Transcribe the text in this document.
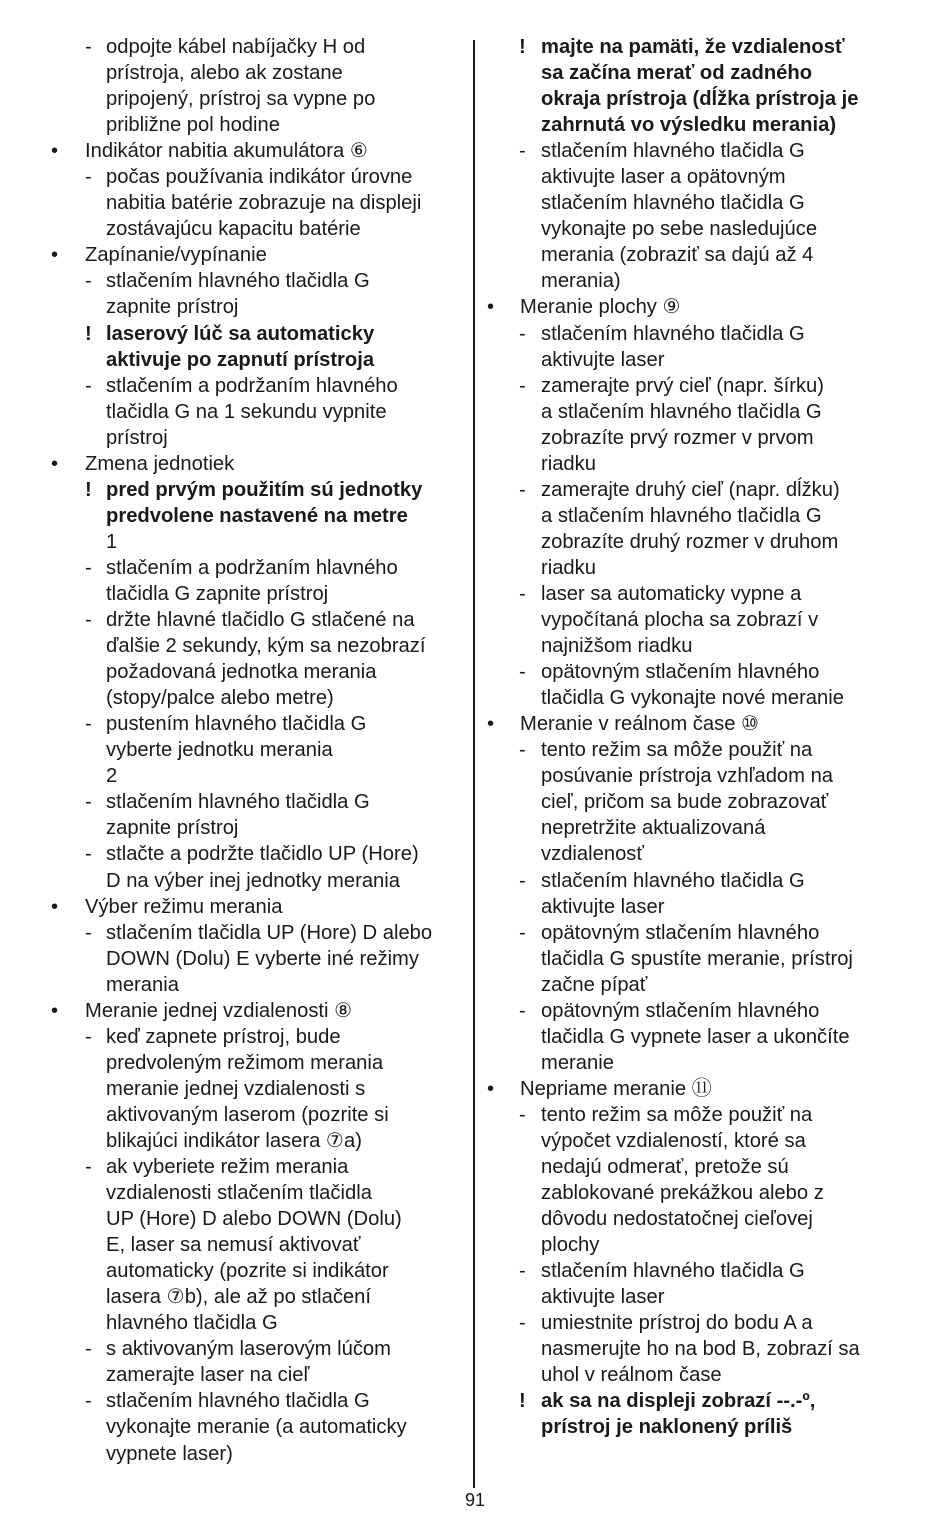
- odpojte kábel nabíjačky H od
prístroja, alebo ak zostane
pripojený, prístroj sa vypne po
približne pol hodine
• Indikátor nabitia akumulátora ⑥
- počas používania indikátor úrovne
nabitia batérie zobrazuje na displeji
zostávajúcu kapacitu batérie
• Zapínanie/vypínanie
- stlačením hlavného tlačidla G
zapnite prístroj
! laserový lúč sa automaticky
aktivuje po zapnutí prístroja
- stlačením a podržaním hlavného
tlačidla G na 1 sekundu vypnite
prístroj
• Zmena jednotiek
! pred prvým použitím sú jednotky
predvolene nastavené na metre
1
- stlačením a podržaním hlavného
tlačidla G zapnite prístroj
- držte hlavné tlačidlo G stlačené na
ďalšie 2 sekundy, kým sa nezobrazí
požadovaná jednotka merania
(stopy/palce alebo metre)
- pustením hlavného tlačidla G
vyberte jednotku merania
2
- stlačením hlavného tlačidla G
zapnite prístroj
- stlačte a podržte tlačidlo UP (Hore)
D na výber inej jednotky merania
• Výber režimu merania
- stlačením tlačidla UP (Hore) D alebo
DOWN (Dolu) E vyberte iné režimy
merania
• Meranie jednej vzdialenosti ⑧
- keď zapnete prístroj, bude
predvoleným režimom merania
meranie jednej vzdialenosti s
aktivovaným laserom (pozrite si
blikajúci indikátor lasera ⑦a)
- ak vyberiete režim merania
vzdialenosti stlačením tlačidla
UP (Hore) D alebo DOWN (Dolu)
E, laser sa nemusí aktivovať
automaticky (pozrite si indikátor
lasera ⑦b), ale až po stlačení
hlavného tlačidla G
- s aktivovaným laserovým lúčom
zamerajte laser na cieľ
- stlačením hlavného tlačidla G
vykonajte meranie (a automaticky
vypnete laser)
! majte na pamäti, že vzdialenosť
sa začína merať od zadného
okraja prístroja (dĺžka prístroja je
zahrnutá vo výsledku merania)
- stlačením hlavného tlačidla G
aktivujte laser a opätovným
stlačením hlavného tlačidla G
vykonajte po sebe nasledujúce
merania (zobraziť sa dajú až 4
merania)
• Meranie plochy ⑨
- stlačením hlavného tlačidla G
aktivujte laser
- zamerajte prvý cieľ (napr. šírku)
a stlačením hlavného tlačidla G
zobrazíte prvý rozmer v prvom
riadku
- zamerajte druhý cieľ (napr. dĺžku)
a stlačením hlavného tlačidla G
zobrazíte druhý rozmer v druhom
riadku
- laser sa automaticky vypne a
vypočítaná plocha sa zobrazí v
najnižšom riadku
- opätovným stlačením hlavného
tlačidla G vykonajte nové meranie
• Meranie v reálnom čase ⑩
- tento režim sa môže použiť na
posúvanie prístroja vzhľadom na
cieľ, pričom sa bude zobrazovať
nepretržite aktualizovaná
vzdialenosť
- stlačením hlavného tlačidla G
aktivujte laser
- opätovným stlačením hlavného
tlačidla G spustíte meranie, prístroj
začne pípať
- opätovným stlačením hlavného
tlačidla G vypnete laser a ukončíte
meranie
• Nepriame meranie ⑪
- tento režim sa môže použiť na
výpočet vzdialeností, ktoré sa
nedajú odmerať, pretože sú
zablokované prekážkou alebo z
dôvodu nedostatočnej cieľovej
plochy
- stlačením hlavného tlačidla G
aktivujte laser
- umiestnite prístroj do bodu A a
nasmerujte ho na bod B, zobrazí sa
uhol v reálnom čase
! ak sa na displeji zobrazí --.-º,
prístroj je naklonený príliš
91
